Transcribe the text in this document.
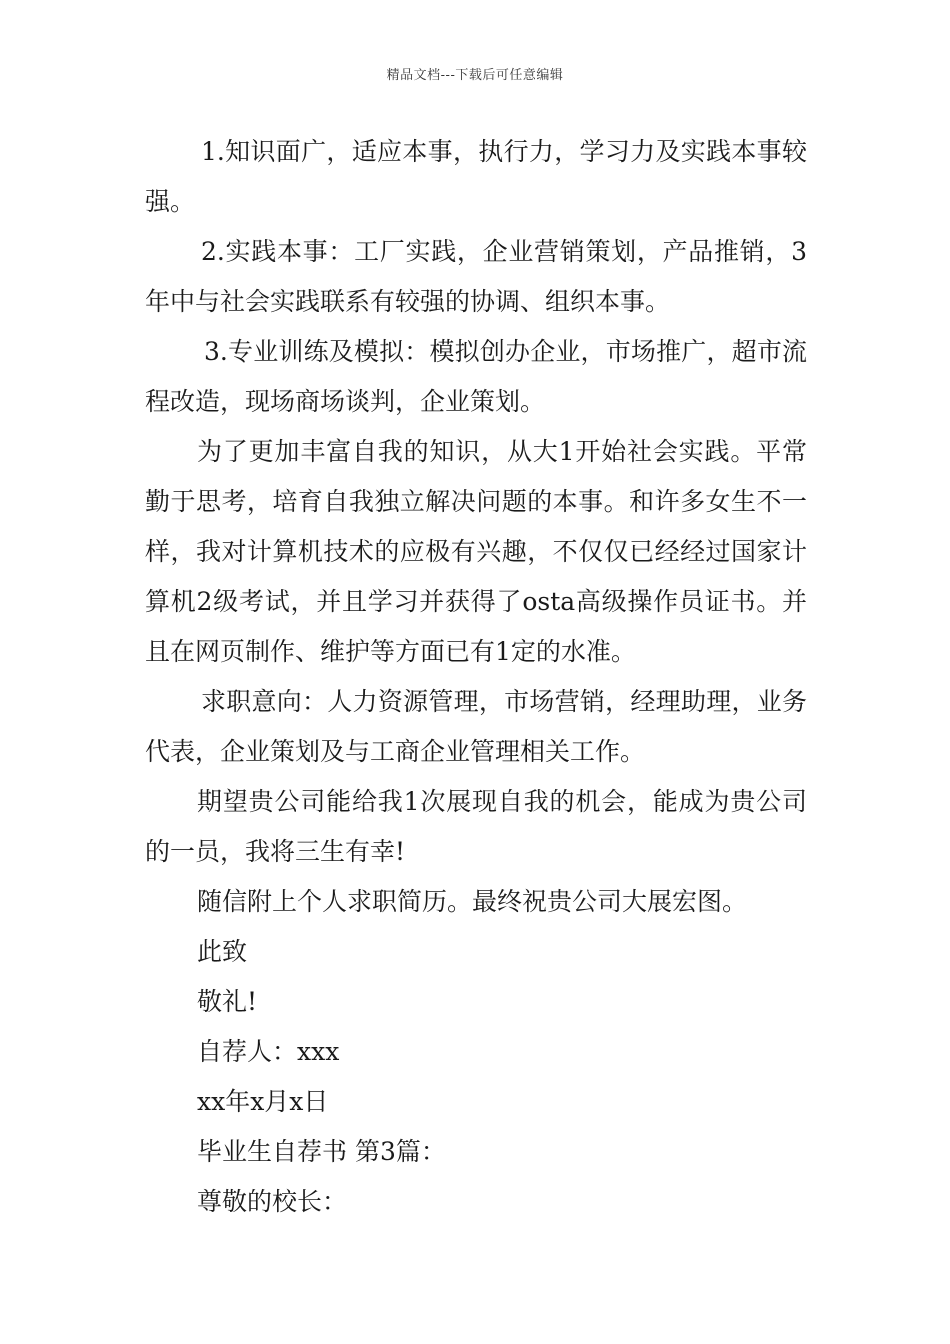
精品文档---下载后可任意编辑

1.知识面广，适应本事，执行力，学习力及实践本事较强。

2.实践本事：工厂实践，企业营销策划，产品推销，3年中与社会实践联系有较强的协调、组织本事。

3.专业训练及模拟：模拟创办企业，市场推广，超市流程改造，现场商场谈判，企业策划。

为了更加丰富自我的知识，从大1开始社会实践。平常勤于思考，培育自我独立解决问题的本事。和许多女生不一样，我对计算机技术的应极有兴趣，不仅仅已经经过国家计算机2级考试，并且学习并获得了osta高级操作员证书。并且在网页制作、维护等方面已有1定的水准。

求职意向：人力资源管理，市场营销，经理助理，业务代表，企业策划及与工商企业管理相关工作。

期望贵公司能给我1次展现自我的机会，能成为贵公司的一员，我将三生有幸!

随信附上个人求职简历。最终祝贵公司大展宏图。

此致

敬礼!

自荐人：xxx

xx年x月x日

毕业生自荐书 第3篇：

尊敬的校长：
